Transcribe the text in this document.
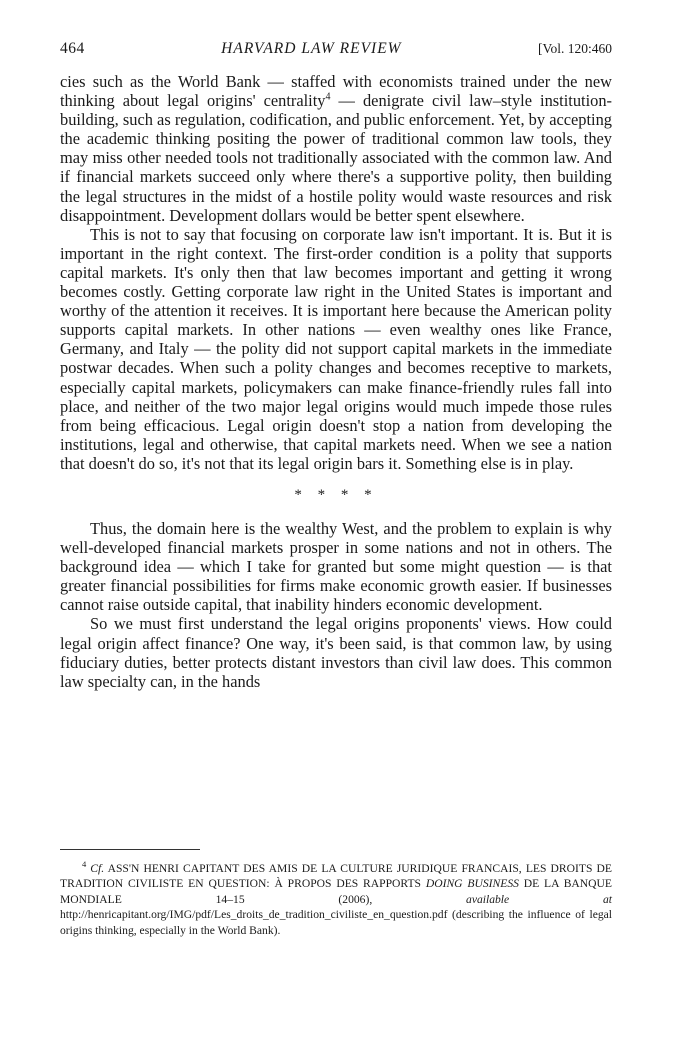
464	HARVARD LAW REVIEW	[Vol. 120:460

cies such as the World Bank — staffed with economists trained under the new thinking about legal origins' centrality$^4$ — denigrate civil law–style institution-building, such as regulation, codification, and public enforcement. Yet, by accepting the academic thinking positing the power of traditional common law tools, they may miss other needed tools not traditionally associated with the common law. And if financial markets succeed only where there's a supportive polity, then building the legal structures in the midst of a hostile polity would waste resources and risk disappointment. Development dollars would be better spent elsewhere.

This is not to say that focusing on corporate law isn't important. It is. But it is important in the right context. The first-order condition is a polity that supports capital markets. It's only then that law becomes important and getting it wrong becomes costly. Getting corporate law right in the United States is important and worthy of the attention it receives. It is important here because the American polity supports capital markets. In other nations — even wealthy ones like France, Germany, and Italy — the polity did not support capital markets in the immediate postwar decades. When such a polity changes and becomes receptive to markets, especially capital markets, policymakers can make finance-friendly rules fall into place, and neither of the two major legal origins would much impede those rules from being efficacious. Legal origin doesn't stop a nation from developing the institutions, legal and otherwise, that capital markets need. When we see a nation that doesn't do so, it's not that its legal origin bars it. Something else is in play.

* * * *

Thus, the domain here is the wealthy West, and the problem to explain is why well-developed financial markets prosper in some nations and not in others. The background idea — which I take for granted but some might question — is that greater financial possibilities for firms make economic growth easier. If businesses cannot raise outside capital, that inability hinders economic development.

So we must first understand the legal origins proponents' views. How could legal origin affect finance? One way, it's been said, is that common law, by using fiduciary duties, better protects distant investors than civil law does. This common law specialty can, in the hands

$^4$ Cf. ASS'N HENRI CAPITANT DES AMIS DE LA CULTURE JURIDIQUE FRANCAIS, LES DROITS DE TRADITION CIVILISTE EN QUESTION: À PROPOS DES RAPPORTS DOING BUSINESS DE LA BANQUE MONDIALE 14–15 (2006), available at http://henricapitant.org/IMG/pdf/Les_droits_de_tradition_civiliste_en_question.pdf (describing the influence of legal origins thinking, especially in the World Bank).
